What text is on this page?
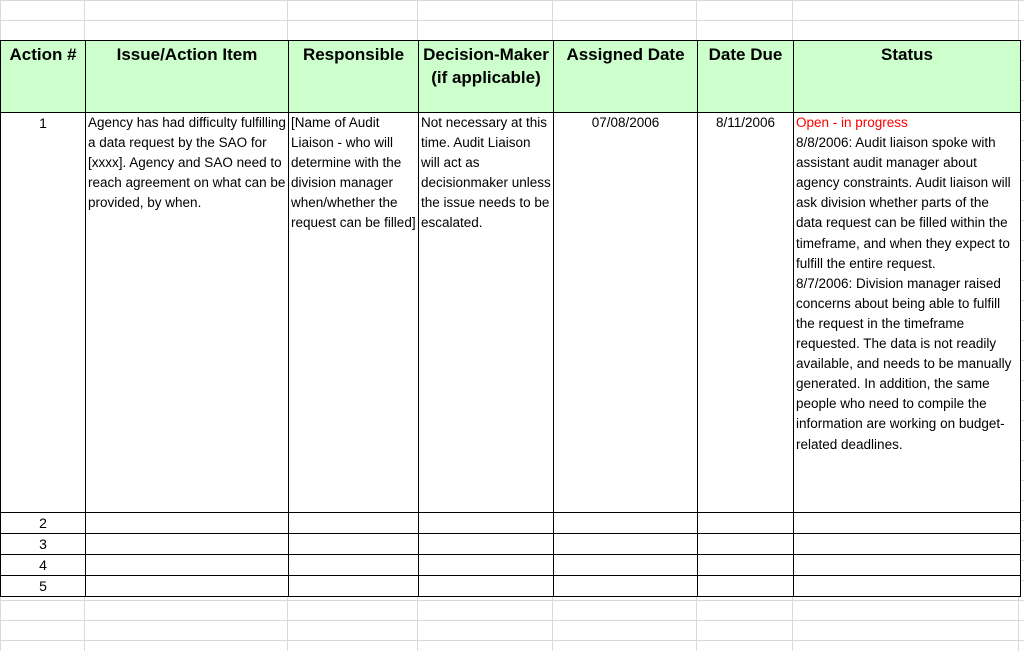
Action #	Issue/Action Item	Responsible	Decision-Maker (if applicable)	Assigned Date	Date Due	Status
1	Agency has had difficulty fulfilling a data request by the SAO for [xxxx]. Agency and SAO need to reach agreement on what can be provided, by when.	[Name of Audit Liaison - who will determine with the division manager when/whether the request can be filled]	Not necessary at this time. Audit Liaison will act as decisionmaker unless the issue needs to be escalated.	07/08/2006	8/11/2006	Open - in progress
8/8/2006: Audit liaison spoke with assistant audit manager about agency constraints. Audit liaison will ask division whether parts of the data request can be filled within the timeframe, and when they expect to fulfill the entire request.
8/7/2006: Division manager raised concerns about being able to fulfill the request in the timeframe requested. The data is not readily available, and needs to be manually generated. In addition, the same people who need to compile the information are working on budget-related deadlines.

2						
3						
4						
5						
